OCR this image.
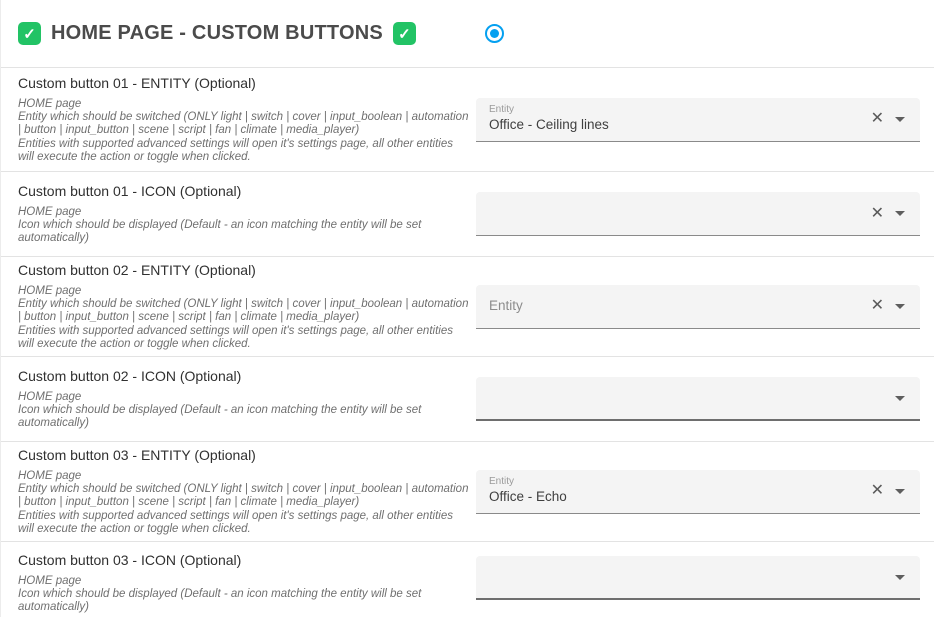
✓ HOME PAGE - CUSTOM BUTTONS	✓
Custom button 01 - ENTITY (Optional)
HOME page
Entity which should be switched (ONLY light | switch | cover | input_boolean | automation | button | input_button | scene | script | fan | climate | media_player)
Entities with supported advanced settings will open it's settings page, all other entities will execute the action or toggle when clicked.
Entity
Office - Ceiling lines	✕
Custom button 01 - ICON (Optional)
HOME page
Icon which should be displayed (Default - an icon matching the entity will be set automatically)
✕
Custom button 02 - ENTITY (Optional)
HOME page
Entity which should be switched (ONLY light | switch | cover | input_boolean | automation | button | input_button | scene | script | fan | climate | media_player)
Entities with supported advanced settings will open it's settings page, all other entities will execute the action or toggle when clicked.
Entity	✕
Custom button 02 - ICON (Optional)
HOME page
Icon which should be displayed (Default - an icon matching the entity will be set automatically)
Custom button 03 - ENTITY (Optional)
HOME page
Entity which should be switched (ONLY light | switch | cover | input_boolean | automation | button | input_button | scene | script | fan | climate | media_player)
Entities with supported advanced settings will open it's settings page, all other entities will execute the action or toggle when clicked.
Entity
Office - Echo	✕
Custom button 03 - ICON (Optional)
HOME page
Icon which should be displayed (Default - an icon matching the entity will be set automatically)
